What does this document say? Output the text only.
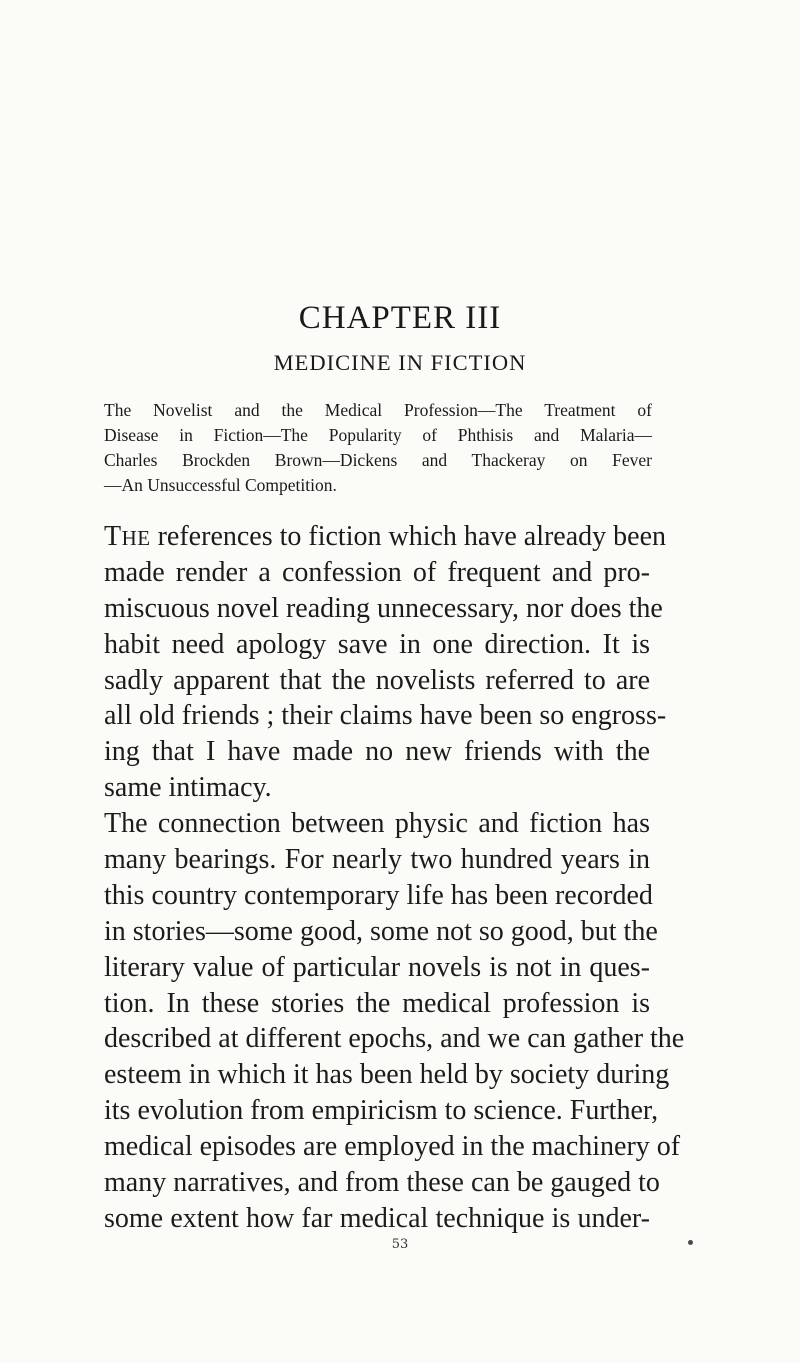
CHAPTER III
MEDICINE IN FICTION
The Novelist and the Medical Profession—The Treatment of
Disease in Fiction—The Popularity of Phthisis and Malaria—
Charles Brockden Brown—Dickens and Thackeray on Fever
—An Unsuccessful Competition.
THE references to fiction which have already been
made render a confession of frequent and pro-
miscuous novel reading unnecessary, nor does the
habit need apology save in one direction. It is
sadly apparent that the novelists referred to are
all old friends ; their claims have been so engross-
ing that I have made no new friends with the
same intimacy.
The connection between physic and fiction has
many bearings. For nearly two hundred years in
this country contemporary life has been recorded
in stories—some good, some not so good, but the
literary value of particular novels is not in ques-
tion. In these stories the medical profession is
described at different epochs, and we can gather the
esteem in which it has been held by society during
its evolution from empiricism to science. Further,
medical episodes are employed in the machinery of
many narratives, and from these can be gauged to
some extent how far medical technique is under-
53
